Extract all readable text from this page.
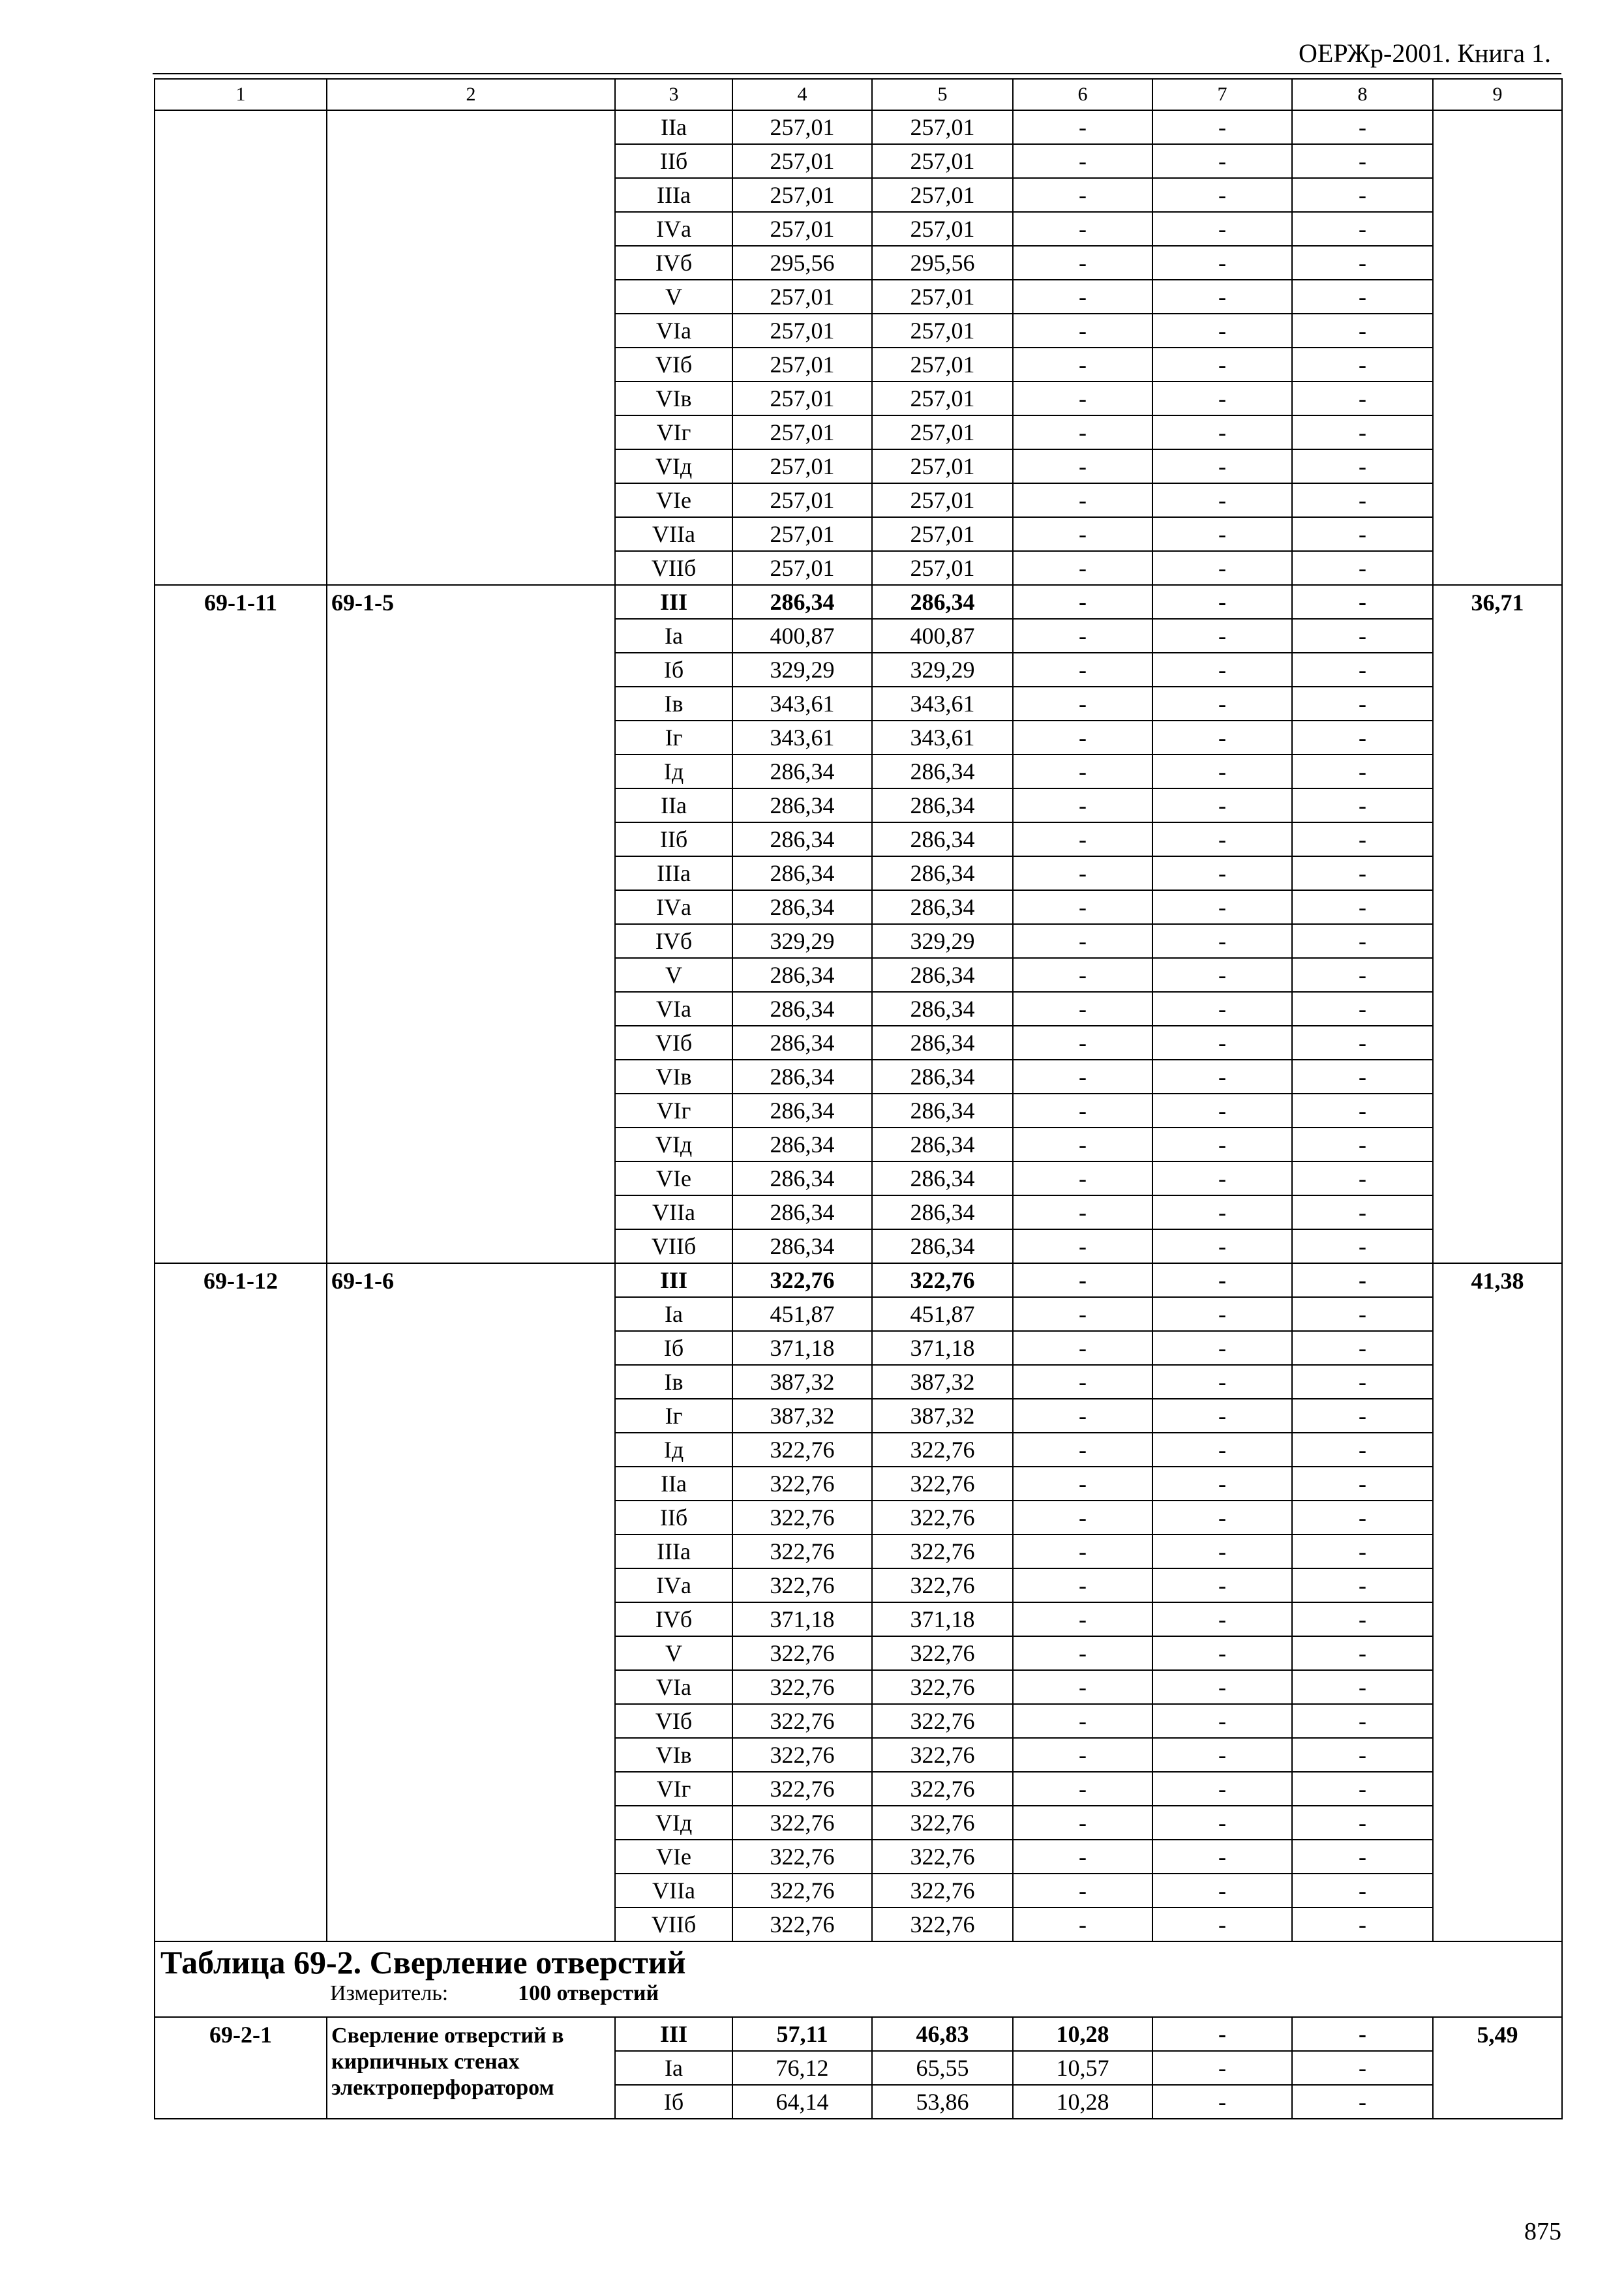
ОЕРЖр-2001. Книга 1.
1	2	3	4	5	6	7	8	9
		IIа	257,01	257,01	-	-	-	
		IIб	257,01	257,01	-	-	-	
		IIIа	257,01	257,01	-	-	-	
		IVа	257,01	257,01	-	-	-	
		IVб	295,56	295,56	-	-	-	
		V	257,01	257,01	-	-	-	
		VIа	257,01	257,01	-	-	-	
		VIб	257,01	257,01	-	-	-	
		VIв	257,01	257,01	-	-	-	
		VIг	257,01	257,01	-	-	-	
		VIд	257,01	257,01	-	-	-	
		VIе	257,01	257,01	-	-	-	
		VIIа	257,01	257,01	-	-	-	
		VIIб	257,01	257,01	-	-	-	
69-1-11	69-1-5	III	286,34	286,34	-	-	-	36,71
		Iа	400,87	400,87	-	-	-	
		Iб	329,29	329,29	-	-	-	
		Iв	343,61	343,61	-	-	-	
		Iг	343,61	343,61	-	-	-	
		Iд	286,34	286,34	-	-	-	
		IIа	286,34	286,34	-	-	-	
		IIб	286,34	286,34	-	-	-	
		IIIа	286,34	286,34	-	-	-	
		IVа	286,34	286,34	-	-	-	
		IVб	329,29	329,29	-	-	-	
		V	286,34	286,34	-	-	-	
		VIа	286,34	286,34	-	-	-	
		VIб	286,34	286,34	-	-	-	
		VIв	286,34	286,34	-	-	-	
		VIг	286,34	286,34	-	-	-	
		VIд	286,34	286,34	-	-	-	
		VIе	286,34	286,34	-	-	-	
		VIIа	286,34	286,34	-	-	-	
		VIIб	286,34	286,34	-	-	-	
69-1-12	69-1-6	III	322,76	322,76	-	-	-	41,38
		Iа	451,87	451,87	-	-	-	
		Iб	371,18	371,18	-	-	-	
		Iв	387,32	387,32	-	-	-	
		Iг	387,32	387,32	-	-	-	
		Iд	322,76	322,76	-	-	-	
		IIа	322,76	322,76	-	-	-	
		IIб	322,76	322,76	-	-	-	
		IIIа	322,76	322,76	-	-	-	
		IVа	322,76	322,76	-	-	-	
		IVб	371,18	371,18	-	-	-	
		V	322,76	322,76	-	-	-	
		VIа	322,76	322,76	-	-	-	
		VIб	322,76	322,76	-	-	-	
		VIв	322,76	322,76	-	-	-	
		VIг	322,76	322,76	-	-	-	
		VIд	322,76	322,76	-	-	-	
		VIе	322,76	322,76	-	-	-	
		VIIа	322,76	322,76	-	-	-	
		VIIб	322,76	322,76	-	-	-	

Таблица 69-2. Сверление отверстий
Измеритель: 100 отверстий								

69-2-1	Сверление отверстий в кирпичных стенах электроперфоратором	III	57,11	46,83	10,28	-	-	5,49
		Iа	76,12	65,55	10,57	-	-	
		Iб	64,14	53,86	10,28	-	-	
875
